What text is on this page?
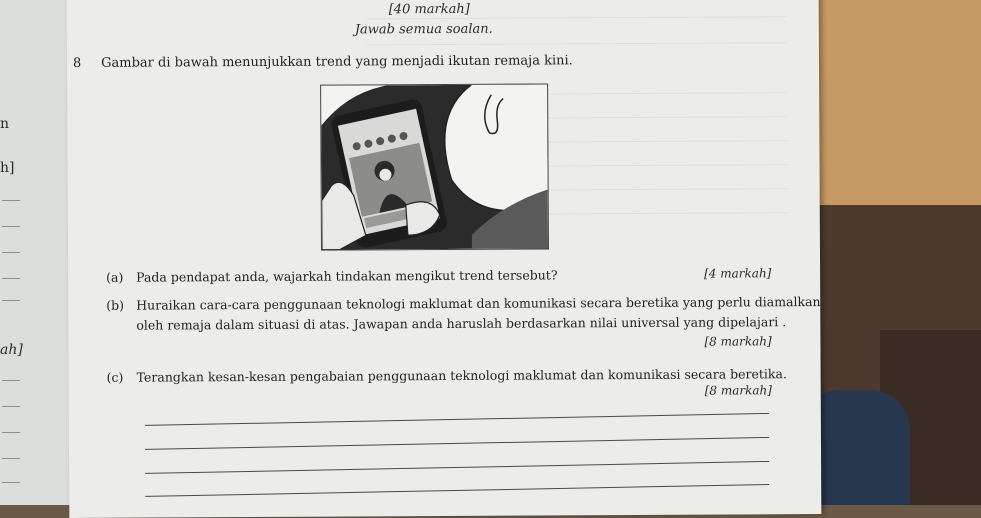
n
h]
ah]
[40 markah]
Jawab semua soalan.
8 Gambar di bawah menunjukkan trend yang menjadi ikutan remaja kini.
(a) Pada pendapat anda, wajarkah tindakan mengikut trend tersebut?	[4 markah]
(b) Huraikan cara-cara penggunaan teknologi maklumat dan komunikasi secara beretika yang perlu diamalkan
oleh remaja dalam situasi di atas. Jawapan anda haruslah berdasarkan nilai universal yang dipelajari .
[8 markah]
(c) Terangkan kesan-kesan pengabaian penggunaan teknologi maklumat dan komunikasi secara beretika.
[8 markah]
